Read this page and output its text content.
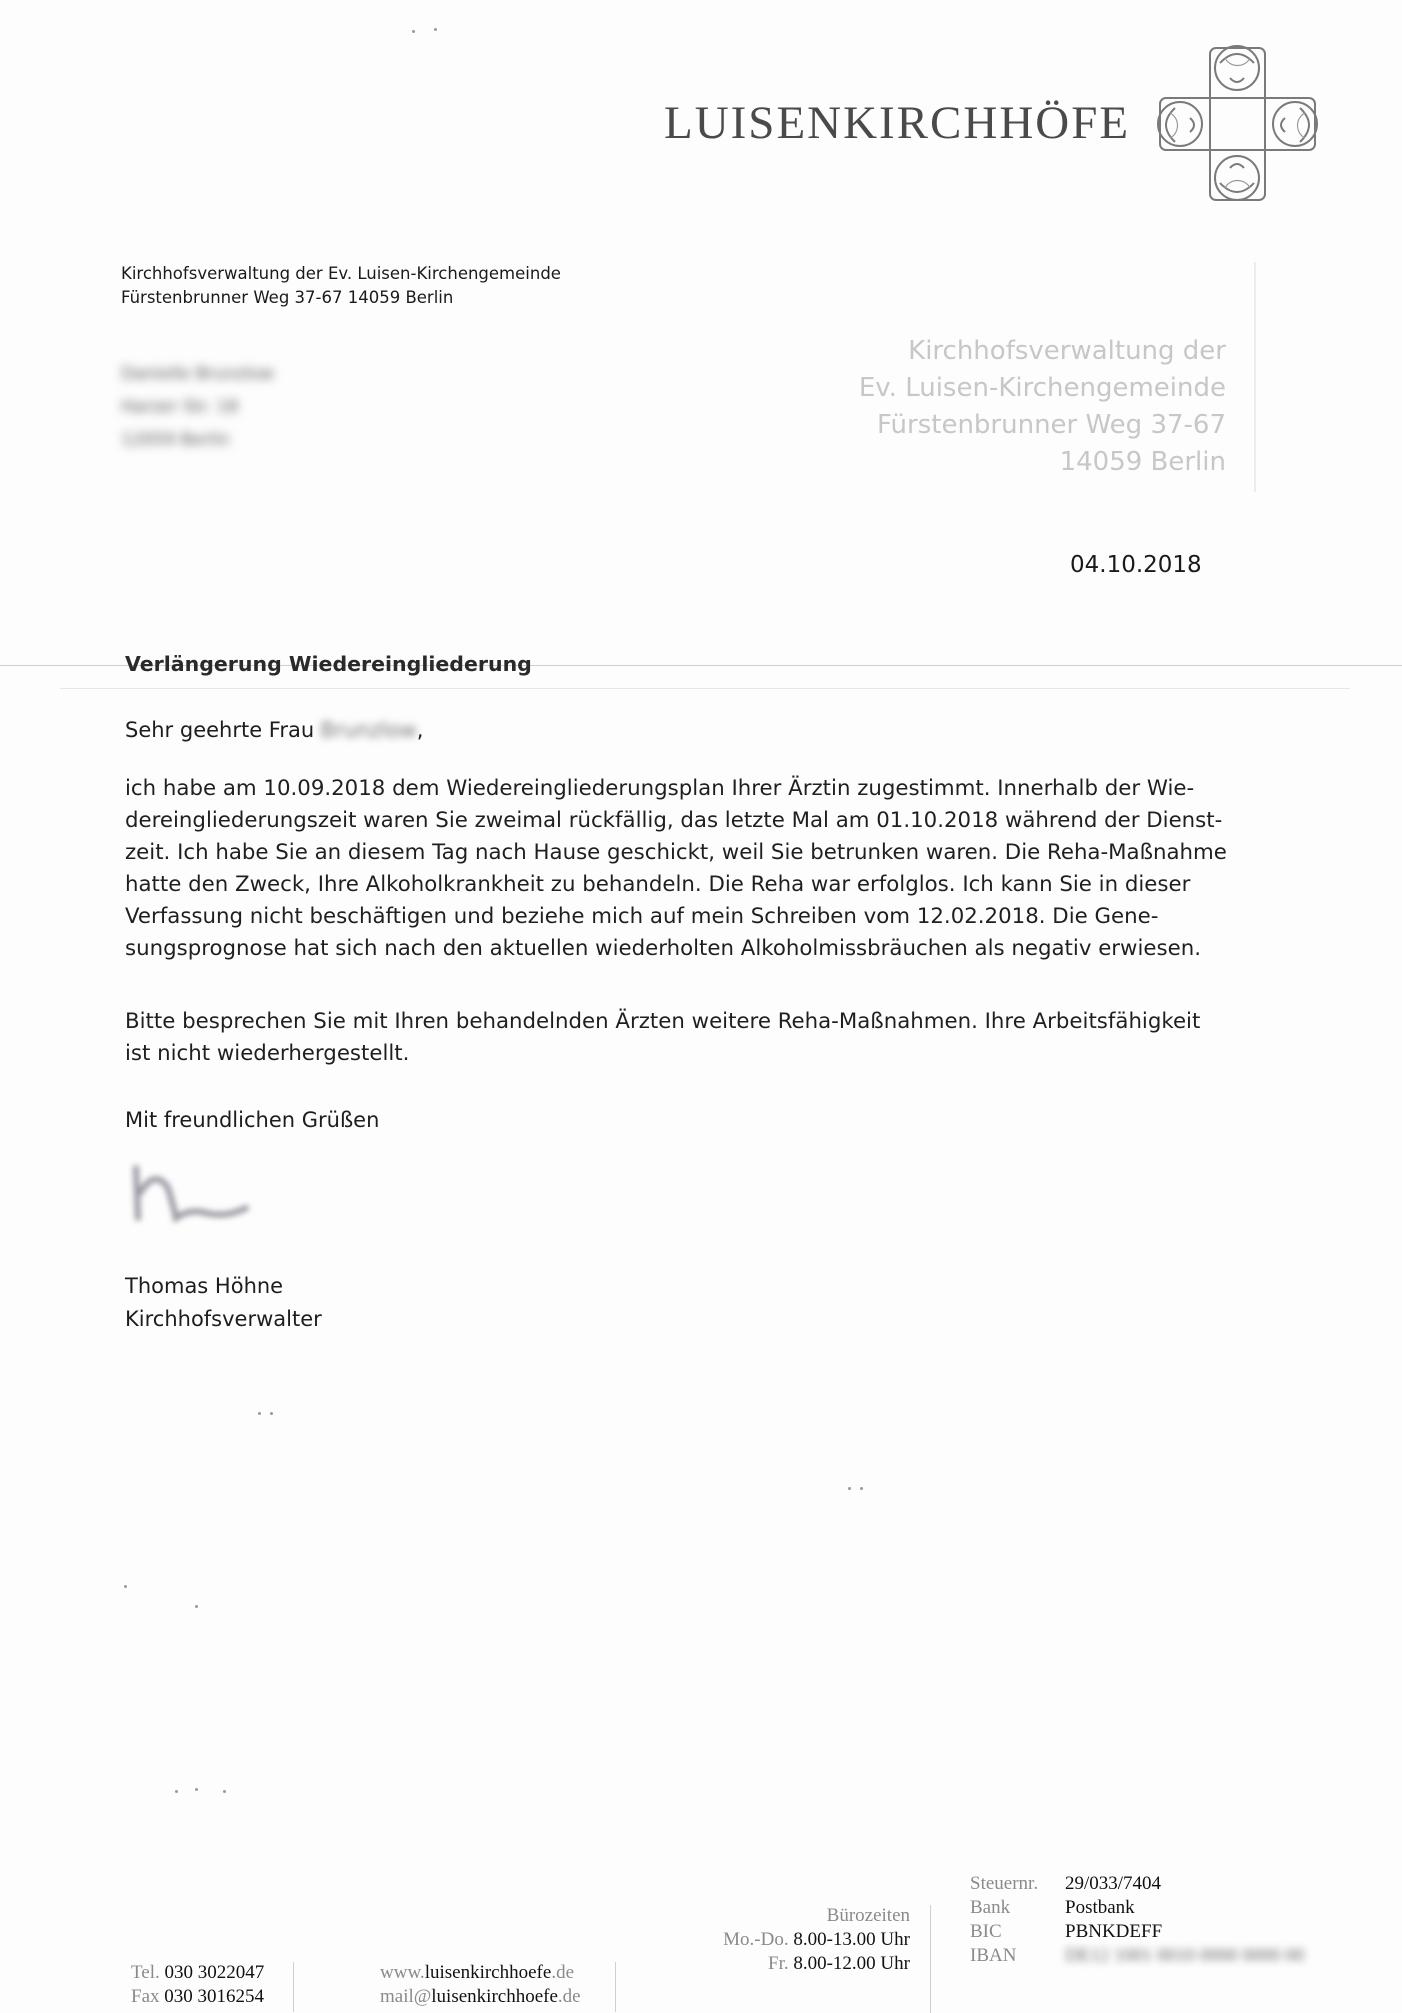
LUISENKIRCHHÖFE
Kirchhofsverwaltung der Ev. Luisen-Kirchengemeinde
Fürstenbrunner Weg 37-67 14059 Berlin
Danielle Brunzlow
Harzer Str. 18
12059 Berlin
Kirchhofsverwaltung der
Ev. Luisen-Kirchengemeinde
Fürstenbrunner Weg 37-67
14059 Berlin
04.10.2018
Verlängerung Wiedereingliederung
Sehr geehrte Frau Brunzlow,
ich habe am 10.09.2018 dem Wiedereingliederungsplan Ihrer Ärztin zugestimmt. Innerhalb der Wie-
dereingliederungszeit waren Sie zweimal rückfällig, das letzte Mal am 01.10.2018 während der Dienst-
zeit. Ich habe Sie an diesem Tag nach Hause geschickt, weil Sie betrunken waren. Die Reha-Maßnahme
hatte den Zweck, Ihre Alkoholkrankheit zu behandeln. Die Reha war erfolglos. Ich kann Sie in dieser
Verfassung nicht beschäftigen und beziehe mich auf mein Schreiben vom 12.02.2018. Die Gene-
sungsprognose hat sich nach den aktuellen wiederholten Alkoholmissbräuchen als negativ erwiesen.
Bitte besprechen Sie mit Ihren behandelnden Ärzten weitere Reha-Maßnahmen. Ihre Arbeitsfähigkeit
ist nicht wiederhergestellt.
Mit freundlichen Grüßen
Thomas Höhne
Kirchhofsverwalter
Tel. 030 3022047
Fax 030 3016254
www.luisenkirchhoefe.de
mail@luisenkirchhoefe.de
Bürozeiten
Mo.-Do. 8.00-13.00 Uhr
Fr. 8.00-12.00 Uhr
Steuernr.	29/033/7404
Bank	Postbank
BIC	PBNKDEFF
IBAN	DE12 1001 0010 0000 0000 00
